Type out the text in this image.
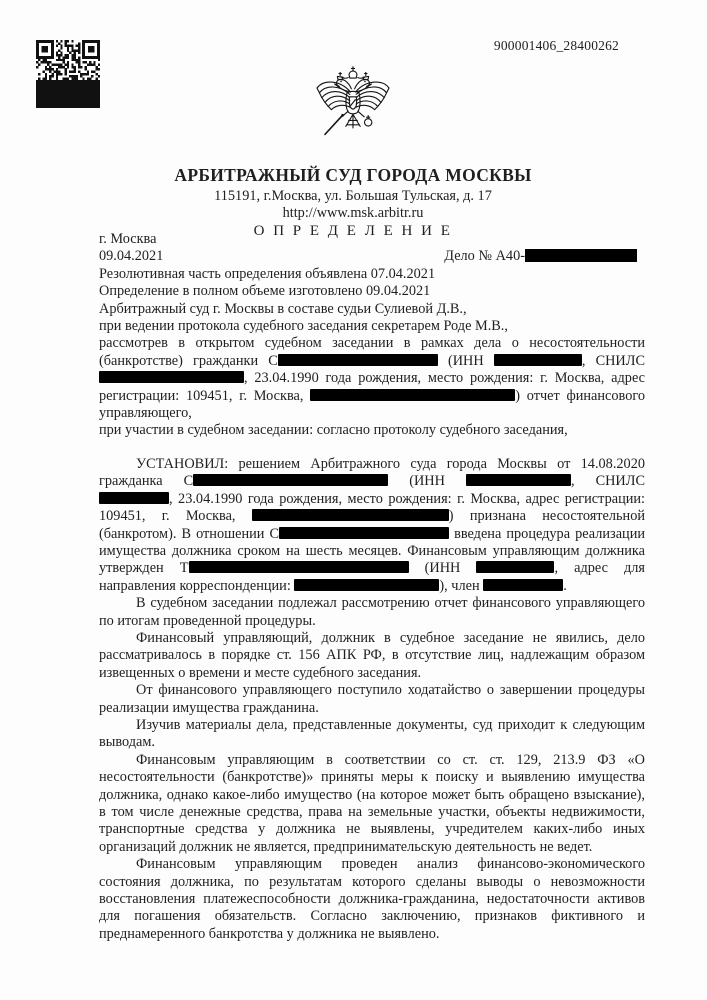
900001406_28400262
АРБИТРАЖНЫЙ СУД ГОРОДА МОСКВЫ
115191, г.Москва, ул. Большая Тульская, д. 17
http://www.msk.arbitr.ru
О П Р Е Д Е Л Е Н И Е

г. Москва

09.04.2021	Дело № А40-

Резолютивная часть определения объявлена 07.04.2021

Определение в полном объеме изготовлено 09.04.2021

Арбитражный суд г. Москвы в составе судьи Сулиевой Д.В.,

при ведении протокола судебного заседания секретарем Роде М.В.,

рассмотрев в открытом судебном заседании в рамках дела о несостоятельности (банкротстве) гражданки С	(ИНН	, СНИЛС , 23.04.1990 года рождения, место рождения: г. Москва, адрес регистрации: 109451, г. Москва,	) отчет финансового управляющего,

при участии в судебном заседании: согласно протоколу судебного заседания,

УСТАНОВИЛ: решением Арбитражного суда города Москвы от 14.08.2020 гражданка С	(ИНН	, СНИЛС , 23.04.1990 года рождения, место рождения: г. Москва, адрес регистрации: 109451, г. Москва,	) признана несостоятельной (банкротом). В отношении С	введена процедура реализации имущества должника сроком на шесть месяцев. Финансовым управляющим должника утвержден Т	(ИНН	, адрес для направления корреспонденции:	), член	.

В судебном заседании подлежал рассмотрению отчет финансового управляющего по итогам проведенной процедуры.

Финансовый управляющий, должник в судебное заседание не явились, дело рассматривалось в порядке ст. 156 АПК РФ, в отсутствие лиц, надлежащим образом извещенных о времени и месте судебного заседания.

От финансового управляющего поступило ходатайство о завершении процедуры реализации имущества гражданина.

Изучив материалы дела, представленные документы, суд приходит к следующим выводам.

Финансовым управляющим в соответствии со ст. ст. 129, 213.9 ФЗ «О несостоятельности (банкротстве)» приняты меры к поиску и выявлению имущества должника, однако какое-либо имущество (на которое может быть обращено взыскание), в том числе денежные средства, права на земельные участки, объекты недвижимости, транспортные средства у должника не выявлены, учредителем каких-либо иных организаций должник не является, предпринимательскую деятельность не ведет.

Финансовым управляющим проведен анализ финансово-экономического состояния должника, по результатам которого сделаны выводы о невозможности восстановления платежеспособности должника-гражданина, недостаточности активов для погашения обязательств. Согласно заключению, признаков фиктивного и преднамеренного банкротства у должника не выявлено.
